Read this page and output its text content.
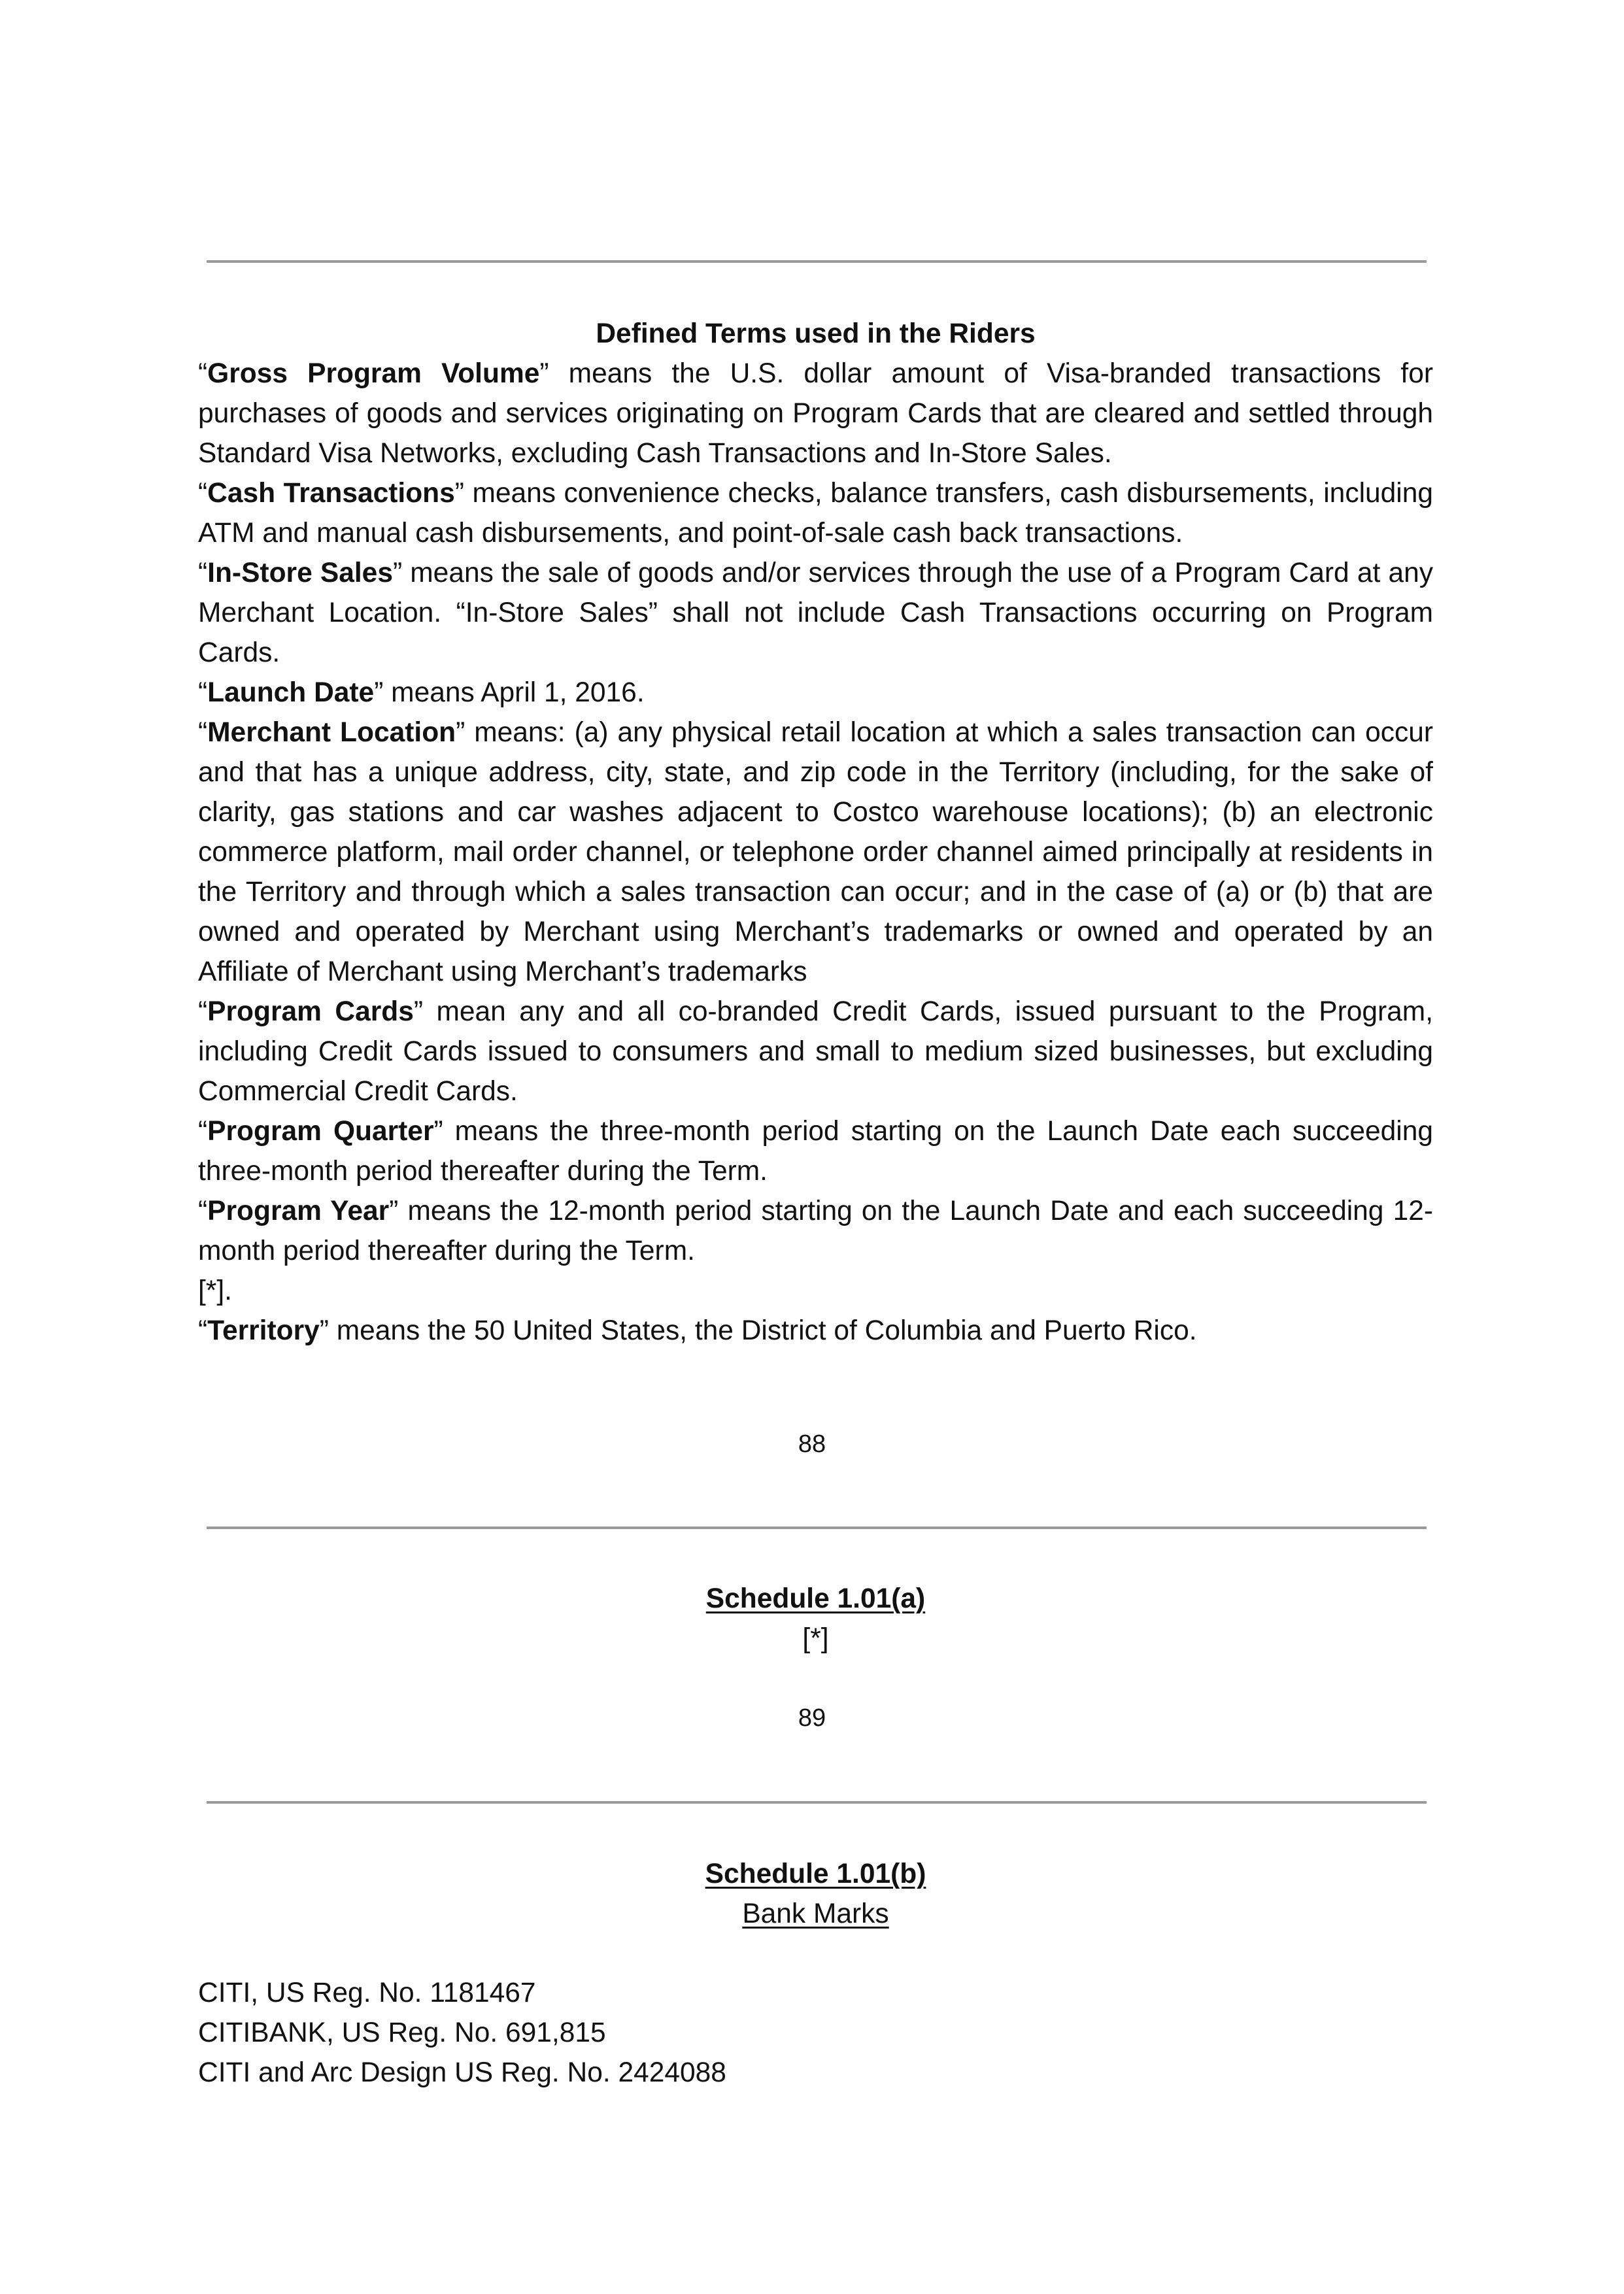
Defined Terms used in the Riders

“Gross Program Volume” means the U.S. dollar amount of Visa-branded transactions for purchases of goods and services originating on Program Cards that are cleared and settled through Standard Visa Networks, excluding Cash Transactions and In-Store Sales.

“Cash Transactions” means convenience checks, balance transfers, cash disbursements, including ATM and manual cash disbursements, and point-of-sale cash back transactions.

“In-Store Sales” means the sale of goods and/or services through the use of a Program Card at any Merchant Location. “In-Store Sales” shall not include Cash Transactions occurring on Program Cards.

“Launch Date” means April 1, 2016.

“Merchant Location” means: (a) any physical retail location at which a sales transaction can occur and that has a unique address, city, state, and zip code in the Territory (including, for the sake of clarity, gas stations and car washes adjacent to Costco warehouse locations); (b) an electronic commerce platform, mail order channel, or telephone order channel aimed principally at residents in the Territory and through which a sales transaction can occur; and in the case of (a) or (b) that are owned and operated by Merchant using Merchant’s trademarks or owned and operated by an Affiliate of Merchant using Merchant’s trademarks

“Program Cards” mean any and all co-branded Credit Cards, issued pursuant to the Program, including Credit Cards issued to consumers and small to medium sized businesses, but excluding Commercial Credit Cards.

“Program Quarter” means the three-month period starting on the Launch Date each succeeding three-month period thereafter during the Term.

“Program Year” means the 12-month period starting on the Launch Date and each succeeding 12-month period thereafter during the Term.

[*].

“Territory” means the 50 United States, the District of Columbia and Puerto Rico.

88
Schedule 1.01(a)
[*]
89
Schedule 1.01(b)
Bank Marks
CITI, US Reg. No. 1181467
CITIBANK, US Reg. No. 691,815
CITI and Arc Design US Reg. No. 2424088
